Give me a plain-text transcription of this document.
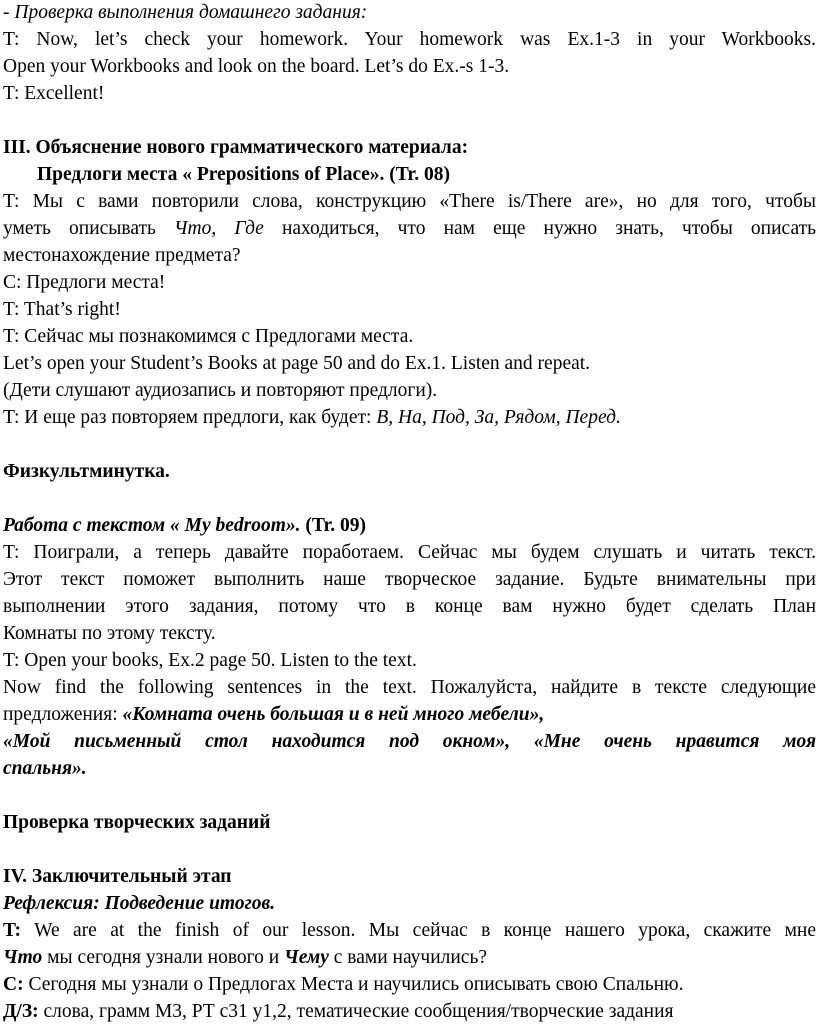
- Проверка выполнения домашнего задания:
T: Now, let’s check your homework. Your homework was Ex.1-3 in your Workbooks.
Open your Workbooks and look on the board. Let’s do Ex.-s 1-3.
T: Excellent!
III. Объяснение нового грамматического материала:
Предлоги места « Prepositions of Place». (Tr. 08)
T: Мы с вами повторили слова, конструкцию «There is/There are», но для того, чтобы
уметь описывать Что, Где находиться, что нам еще нужно знать, чтобы описать
местонахождение предмета?
C: Предлоги места!
T: That’s right!
T: Сейчас мы познакомимся с Предлогами места.
Let’s open your Student’s Books at page 50 and do Ex.1. Listen and repeat.
(Дети слушают аудиозапись и повторяют предлоги).
T: И еще раз повторяем предлоги, как будет: В, На, Под, За, Рядом, Перед.
Физкультминутка.
Работа с текстом « My bedroom». (Tr. 09)
T: Поиграли, а теперь давайте поработаем. Сейчас мы будем слушать и читать текст.
Этот текст поможет выполнить наше творческое задание. Будьте внимательны при
выполнении этого задания, потому что в конце вам нужно будет сделать План
Комнаты по этому тексту.
T: Open your books, Ex.2 page 50. Listen to the text.
Now find the following sentences in the text. Пожалуйста, найдите в тексте следующие
предложения: «Комната очень большая и в ней много мебели»,
«Мой письменный стол находится под окном», «Мне очень нравится моя
спальня».
Проверка творческих заданий
IV. Заключительный этап
Рефлексия: Подведение итогов.
T: We are at the finish of our lesson. Мы сейчас в конце нашего урока, скажите мне
Что мы сегодня узнали нового и Чему с вами научились?
C: Сегодня мы узнали о Предлогах Места и научились описывать свою Спальню.
Д/З: слова, грамм М3, РТ с31 у1,2, тематические сообщения/творческие задания
